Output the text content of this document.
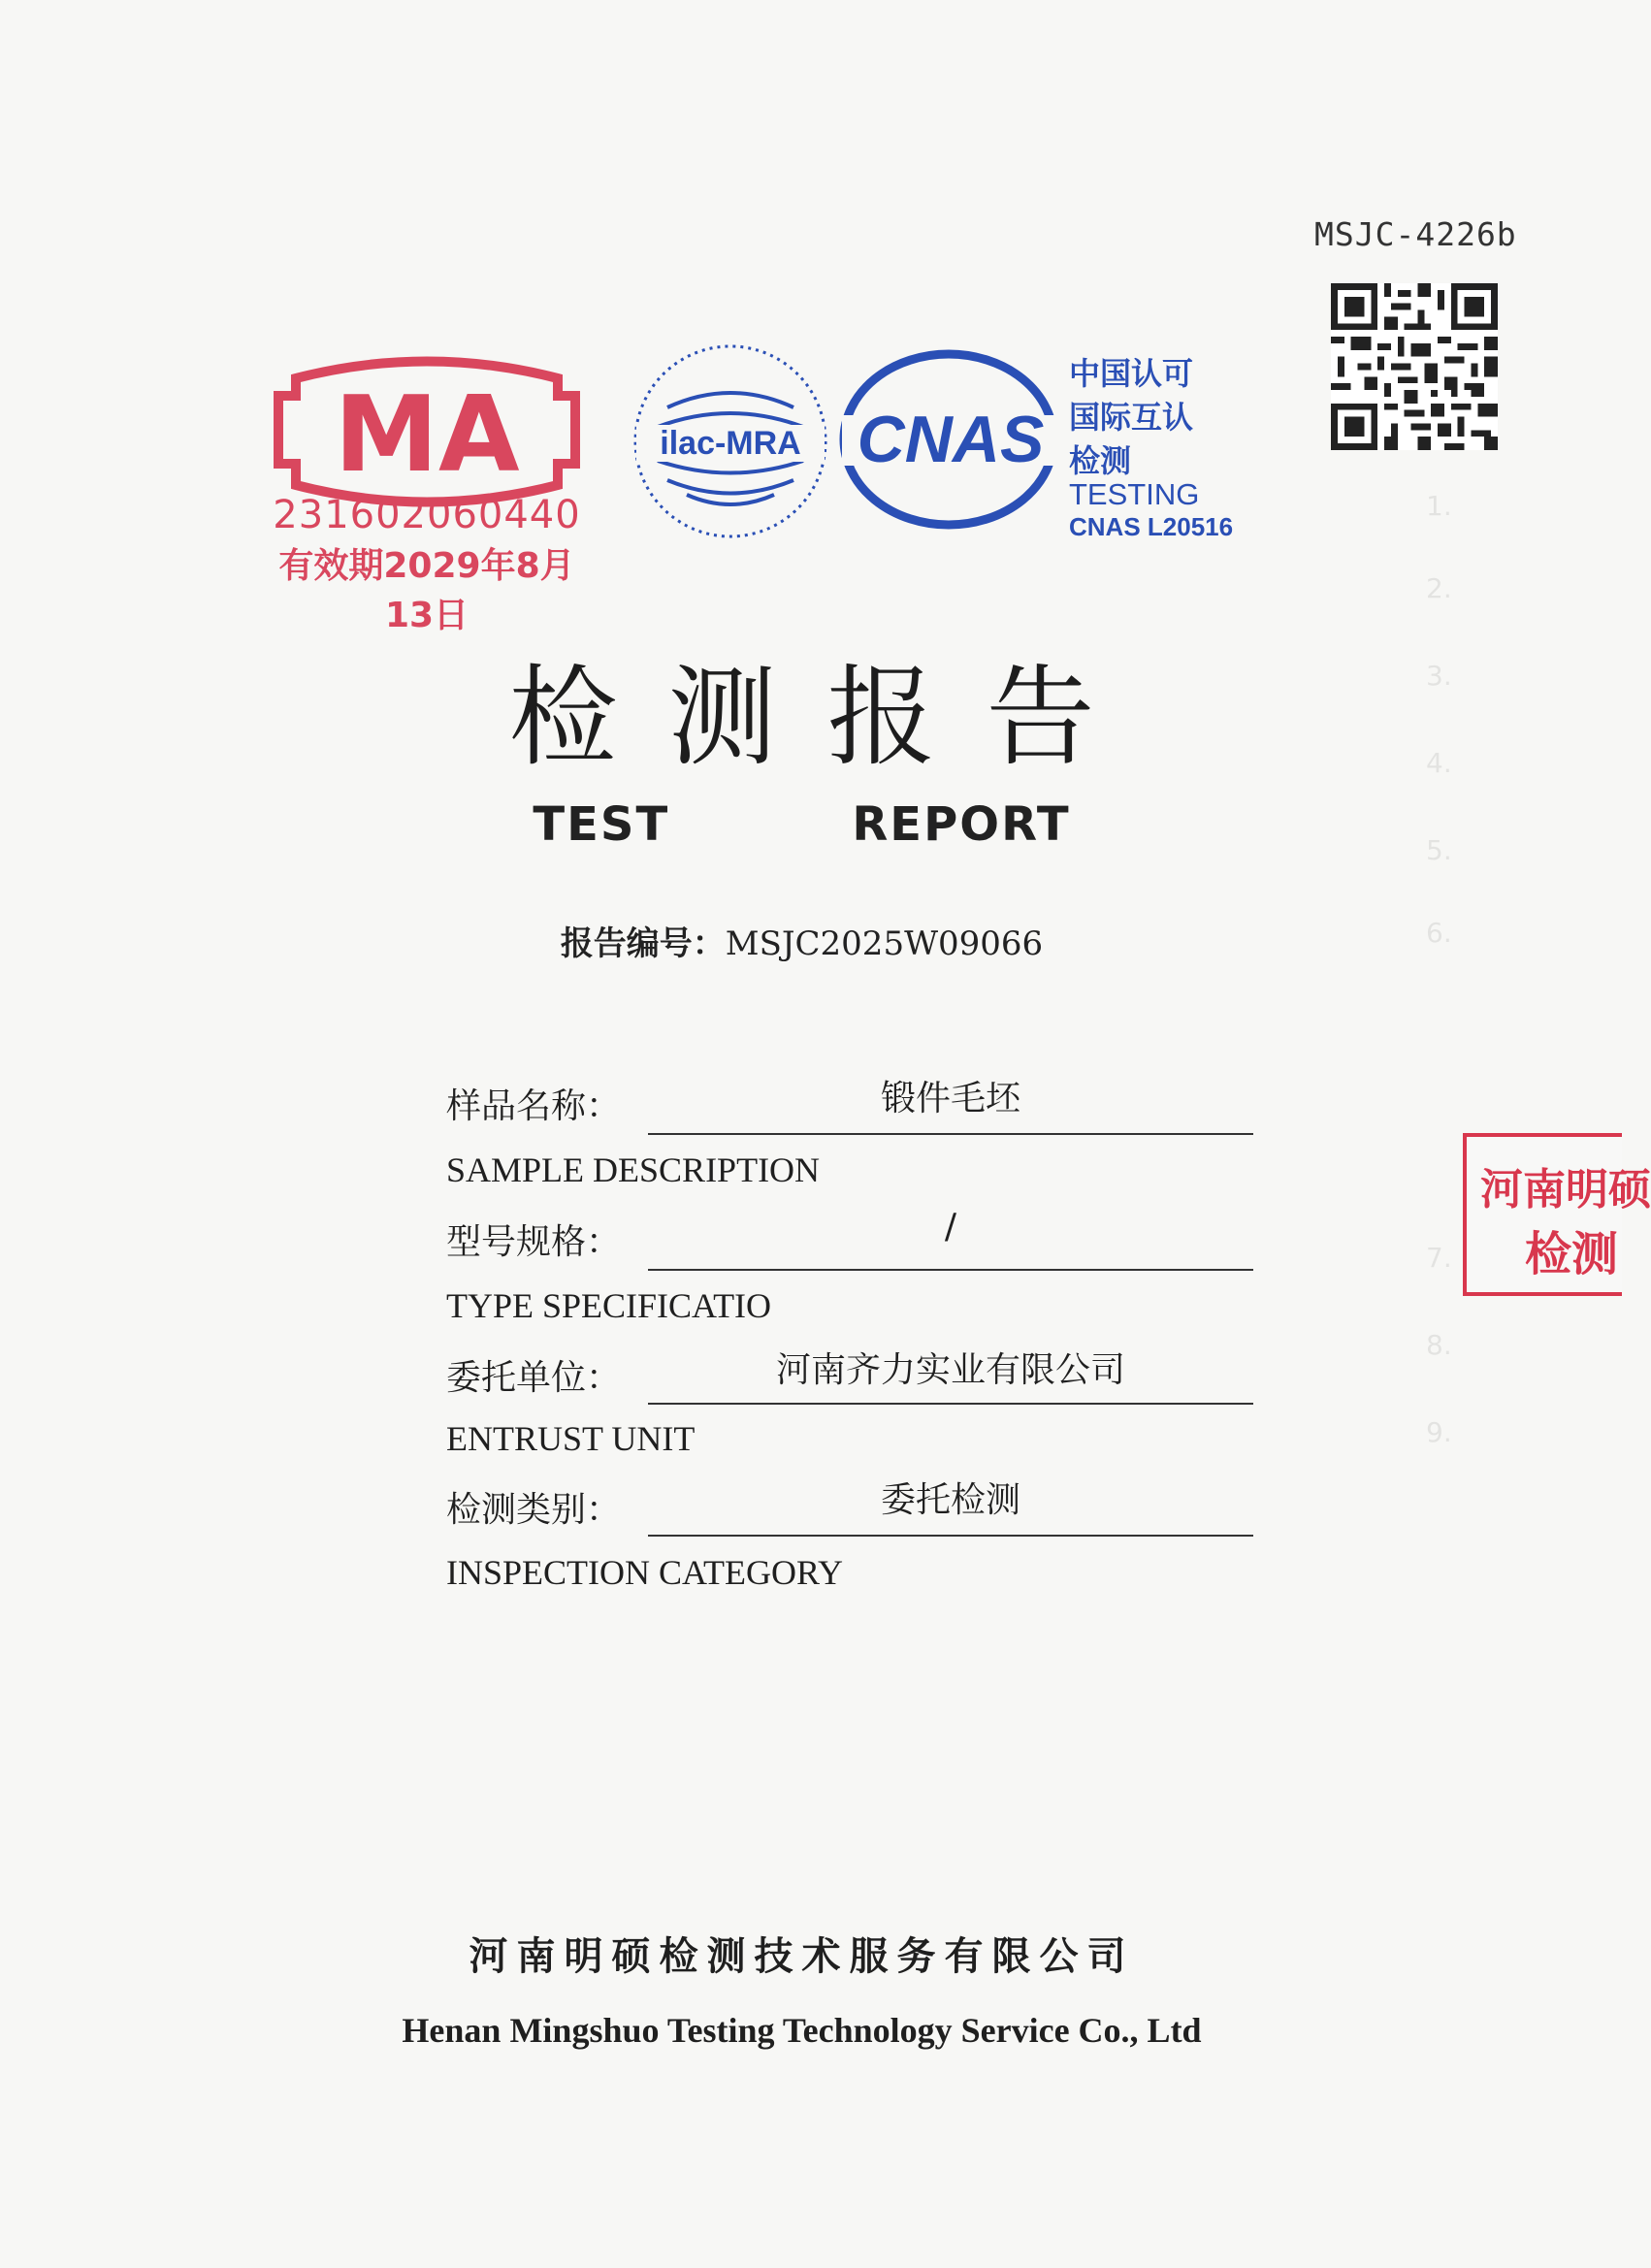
1.
2.
3.
4.
5.
6.
7.
8.
9.
MSJC-4226b
MA
231602060440
有效期2029年8月13日
ilac-MRA CNAS
中国认可
国际互认
检测
TESTING
CNAS L20516
检测报告
TEST   REPORT
报告编号：MSJC2025W09066
样品名称：	锻件毛坯
SAMPLE DESCRIPTION
型号规格：	/
TYPE SPECIFICATIO
委托单位：	河南齐力实业有限公司
ENTRUST UNIT
检测类别：	委托检测
INSPECTION CATEGORY
河南明硕
检测
河南明硕检测技术服务有限公司
Henan Mingshuo Testing Technology Service Co., Ltd
